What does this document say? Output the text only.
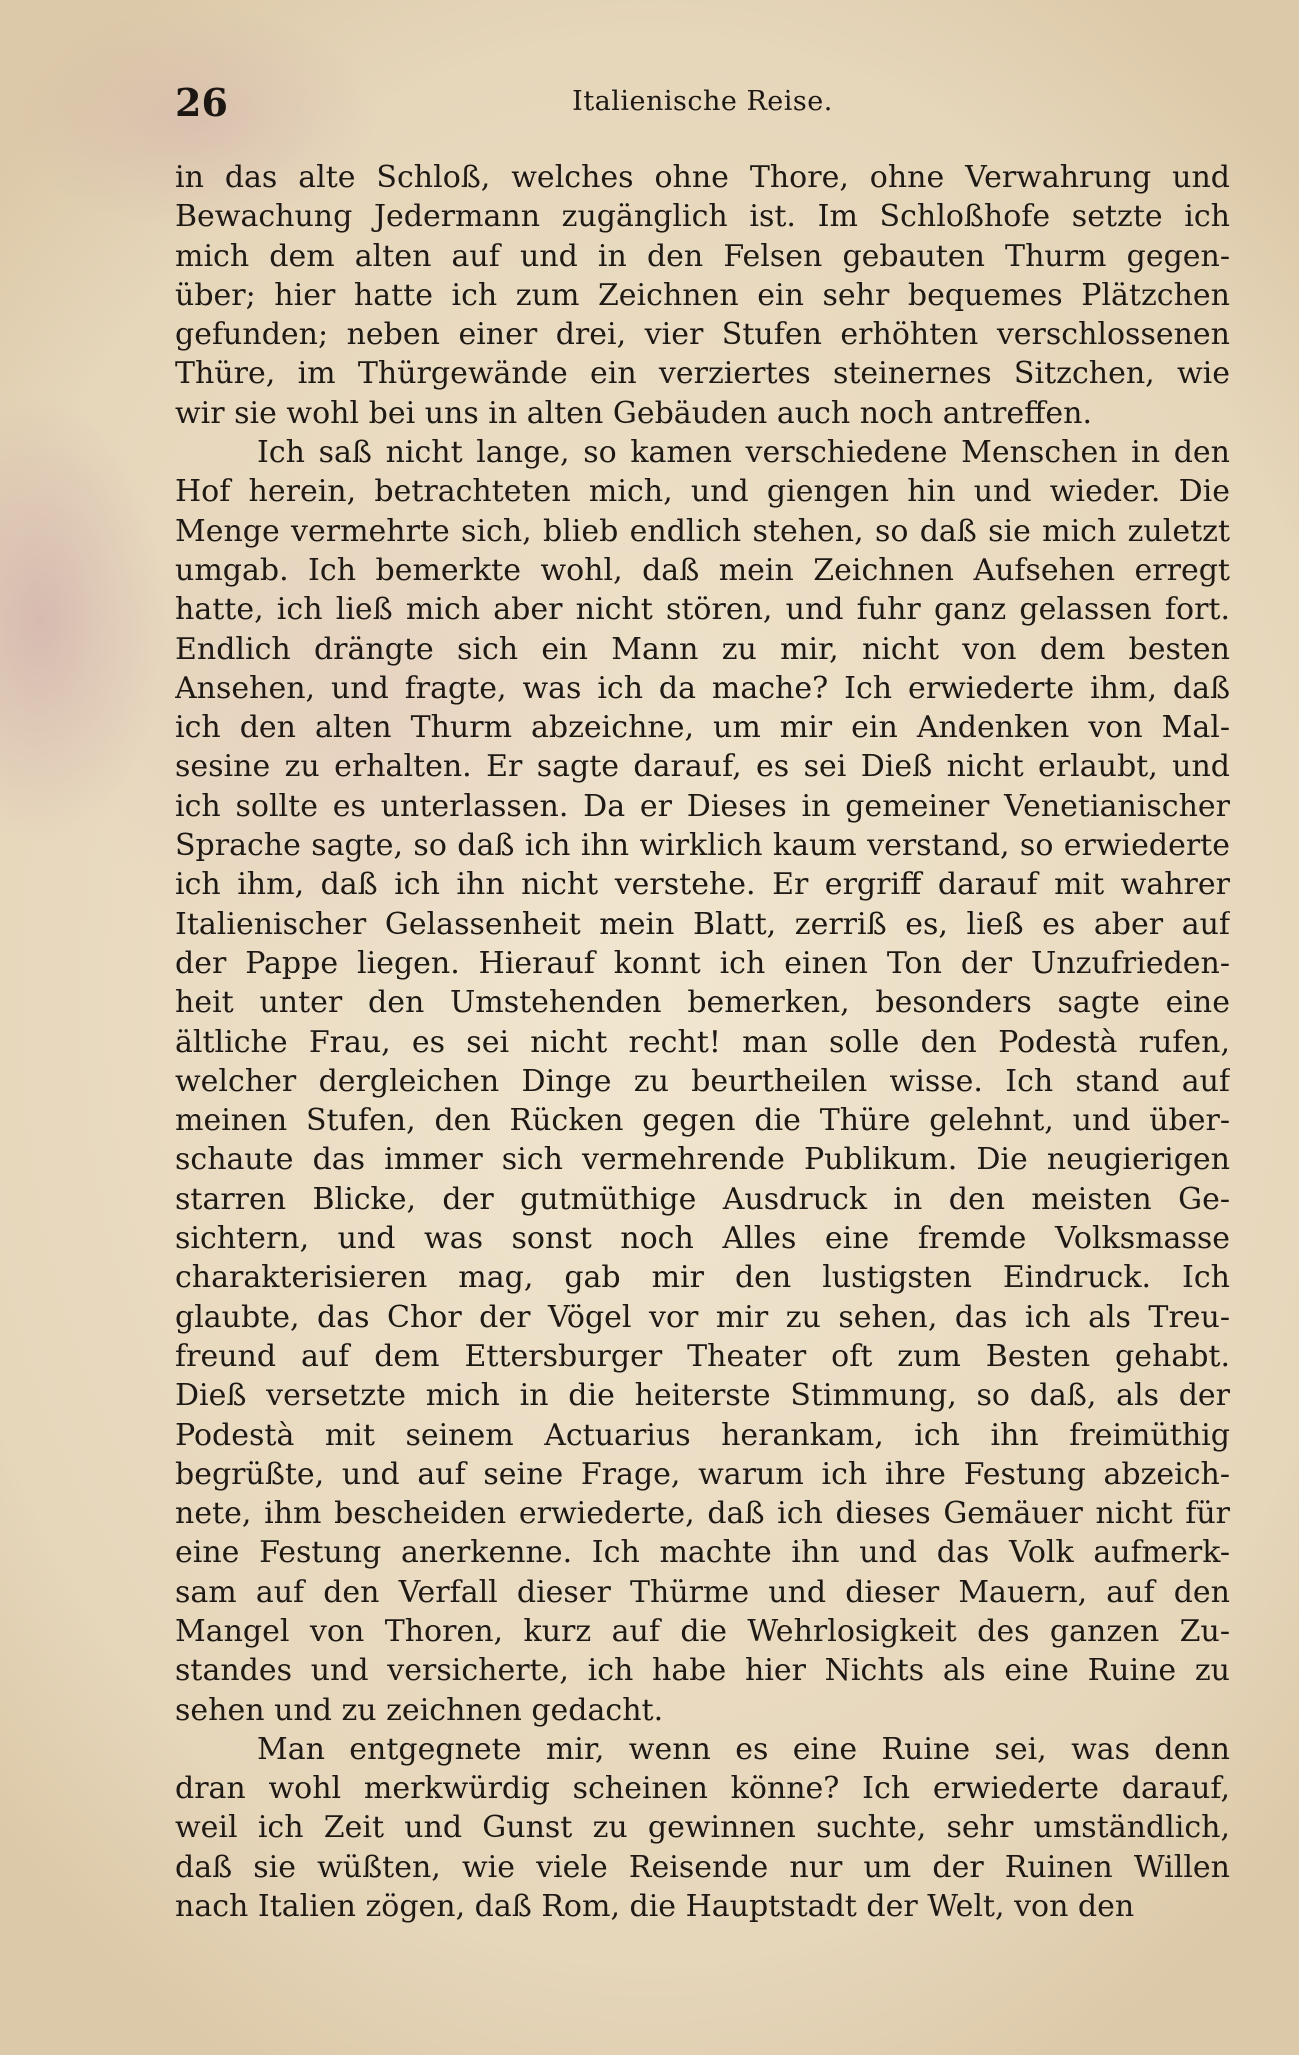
26	Italienische Reise.
in das alte Schloß, welches ohne Thore, ohne Verwahrung und
Bewachung Jedermann zugänglich ist. Im Schloßhofe setzte ich
mich dem alten auf und in den Felsen gebauten Thurm gegen-
über; hier hatte ich zum Zeichnen ein sehr bequemes Plätzchen
gefunden; neben einer drei, vier Stufen erhöhten verschlossenen
Thüre, im Thürgewände ein verziertes steinernes Sitzchen, wie
wir sie wohl bei uns in alten Gebäuden auch noch antreffen.
Ich saß nicht lange, so kamen verschiedene Menschen in den
Hof herein, betrachteten mich, und giengen hin und wieder. Die
Menge vermehrte sich, blieb endlich stehen, so daß sie mich zuletzt
umgab. Ich bemerkte wohl, daß mein Zeichnen Aufsehen erregt
hatte, ich ließ mich aber nicht stören, und fuhr ganz gelassen fort.
Endlich drängte sich ein Mann zu mir, nicht von dem besten
Ansehen, und fragte, was ich da mache? Ich erwiederte ihm, daß
ich den alten Thurm abzeichne, um mir ein Andenken von Mal-
sesine zu erhalten. Er sagte darauf, es sei Dieß nicht erlaubt, und
ich sollte es unterlassen. Da er Dieses in gemeiner Venetianischer
Sprache sagte, so daß ich ihn wirklich kaum verstand, so erwiederte
ich ihm, daß ich ihn nicht verstehe. Er ergriff darauf mit wahrer
Italienischer Gelassenheit mein Blatt, zerriß es, ließ es aber auf
der Pappe liegen. Hierauf konnt ich einen Ton der Unzufrieden-
heit unter den Umstehenden bemerken, besonders sagte eine
ältliche Frau, es sei nicht recht! man solle den Podestà rufen,
welcher dergleichen Dinge zu beurtheilen wisse. Ich stand auf
meinen Stufen, den Rücken gegen die Thüre gelehnt, und über-
schaute das immer sich vermehrende Publikum. Die neugierigen
starren Blicke, der gutmüthige Ausdruck in den meisten Ge-
sichtern, und was sonst noch Alles eine fremde Volksmasse
charakterisieren mag, gab mir den lustigsten Eindruck. Ich
glaubte, das Chor der Vögel vor mir zu sehen, das ich als Treu-
freund auf dem Ettersburger Theater oft zum Besten gehabt.
Dieß versetzte mich in die heiterste Stimmung, so daß, als der
Podestà mit seinem Actuarius herankam, ich ihn freimüthig
begrüßte, und auf seine Frage, warum ich ihre Festung abzeich-
nete, ihm bescheiden erwiederte, daß ich dieses Gemäuer nicht für
eine Festung anerkenne. Ich machte ihn und das Volk aufmerk-
sam auf den Verfall dieser Thürme und dieser Mauern, auf den
Mangel von Thoren, kurz auf die Wehrlosigkeit des ganzen Zu-
standes und versicherte, ich habe hier Nichts als eine Ruine zu
sehen und zu zeichnen gedacht.
Man entgegnete mir, wenn es eine Ruine sei, was denn
dran wohl merkwürdig scheinen könne? Ich erwiederte darauf,
weil ich Zeit und Gunst zu gewinnen suchte, sehr umständlich,
daß sie wüßten, wie viele Reisende nur um der Ruinen Willen
nach Italien zögen, daß Rom, die Hauptstadt der Welt, von den
